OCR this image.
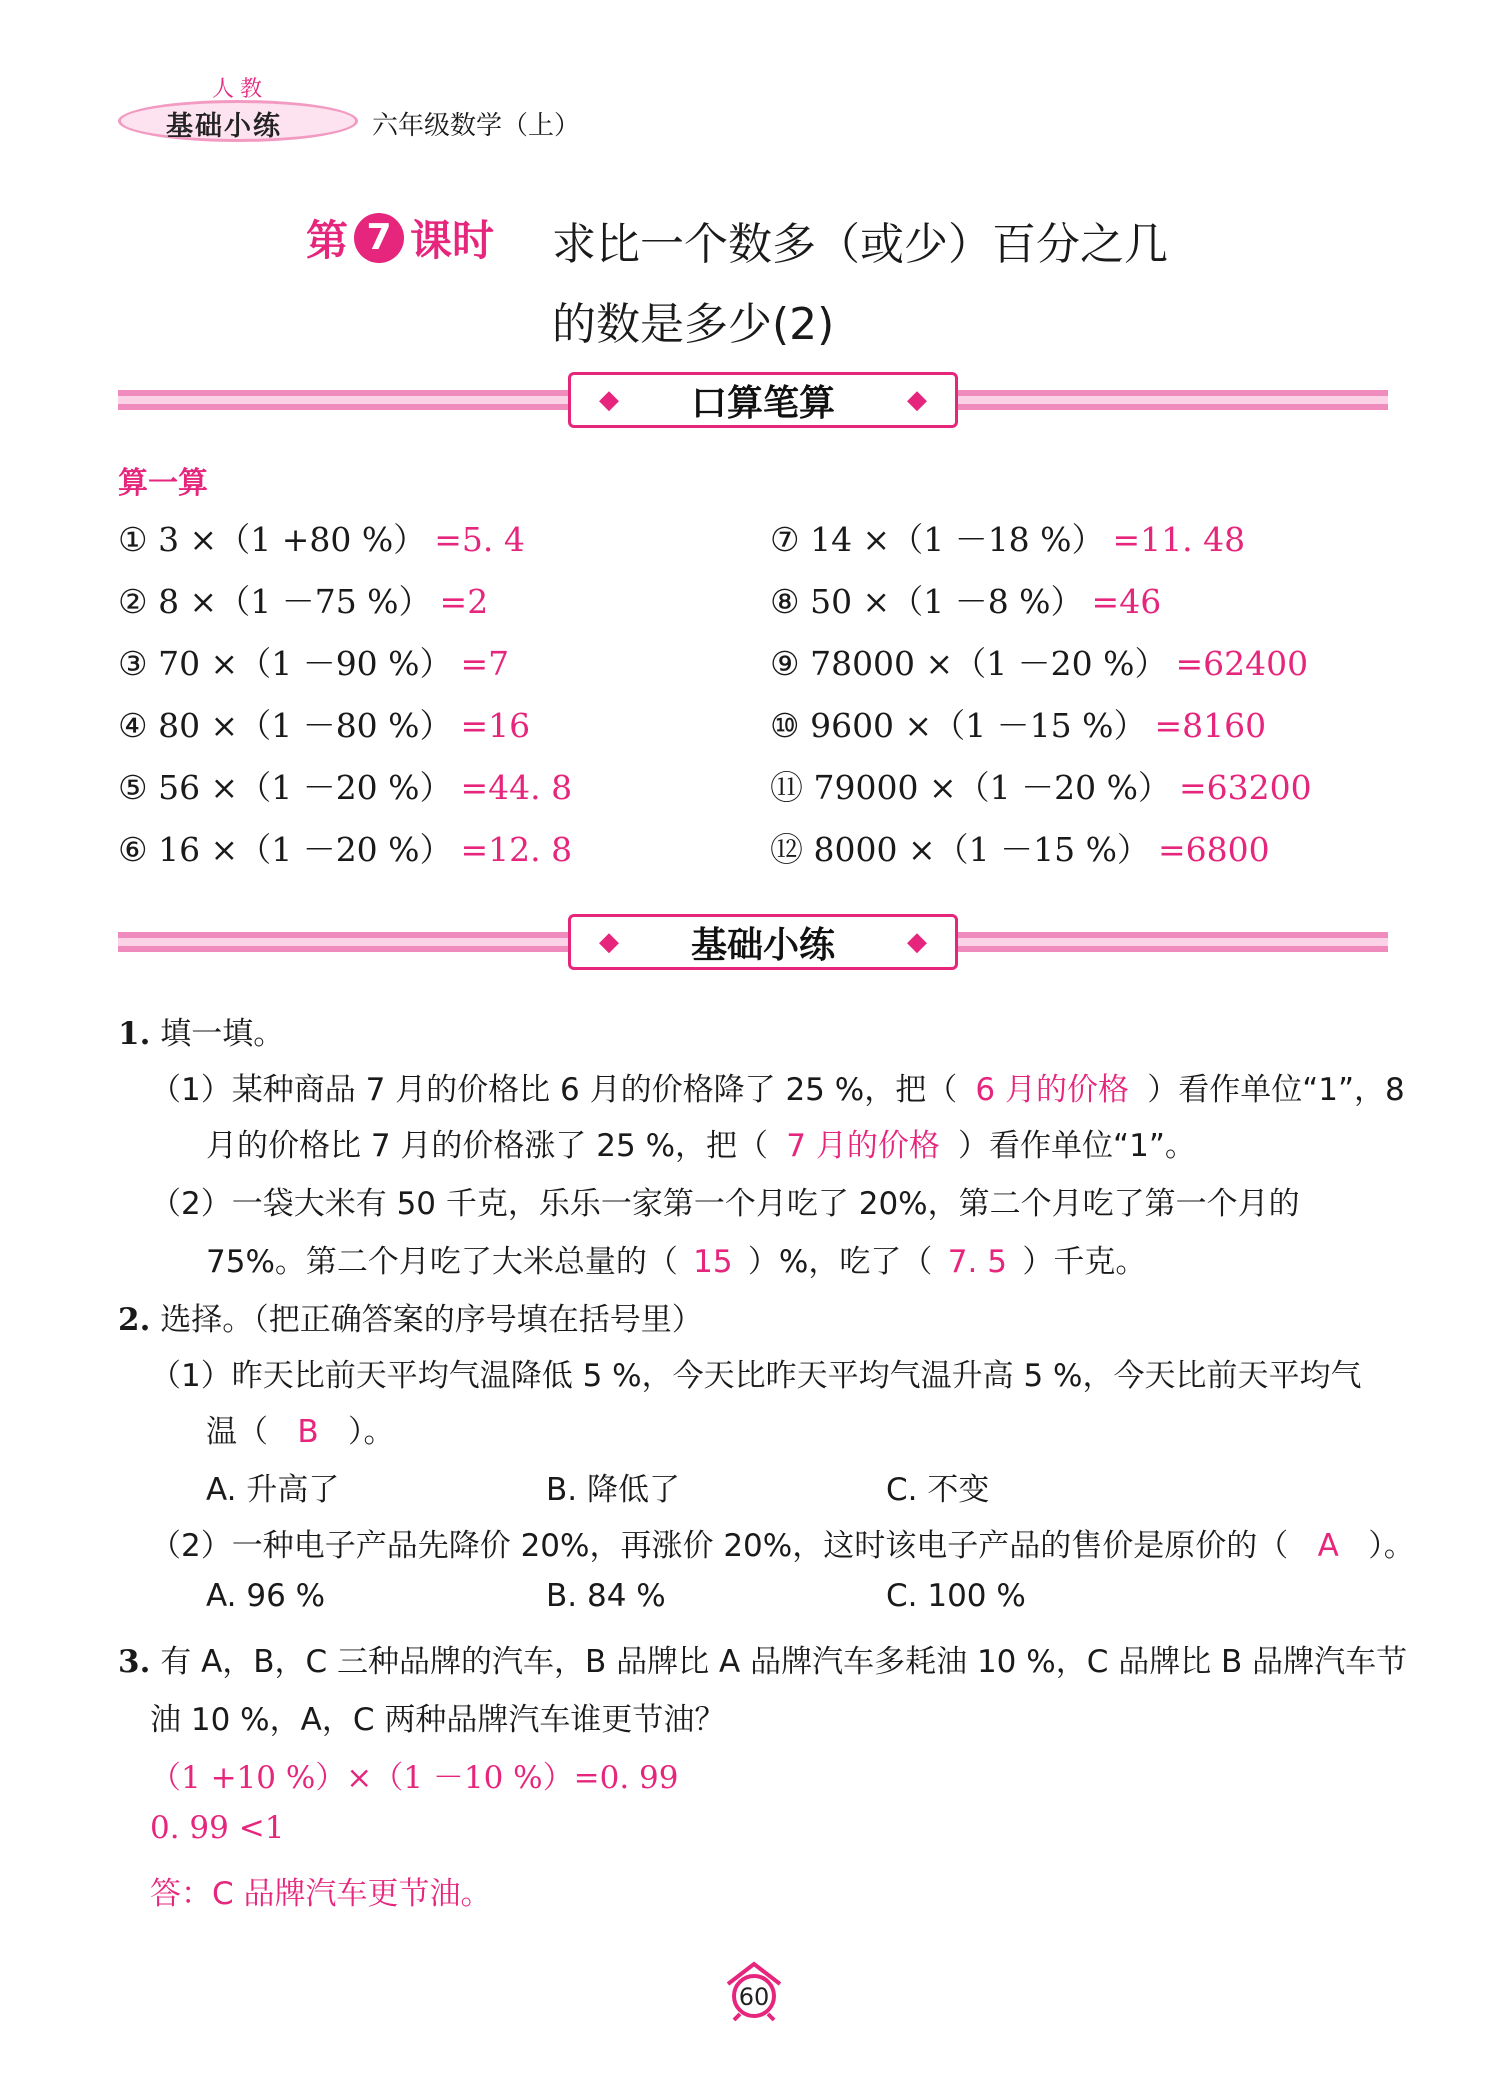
人教
基础小练	六年级数学（上）
第 7 课时 求比一个数多（或少）百分之几
的数是多少(2)
◆ 口算笔算	◆
算一算
① 3 ×（1 +80 %） =5. 4
② 8 ×（1 －75 %） =2
③ 70 ×（1 －90 %） =7
④ 80 ×（1 －80 %） =16
⑤ 56 ×（1 －20 %） =44. 8
⑥ 16 ×（1 －20 %） =12. 8
⑦ 14 ×（1 －18 %） =11. 48
⑧ 50 ×（1 －8 %） =46
⑨ 78000 ×（1 －20 %） =62400
⑩ 9600 ×（1 －15 %） =8160
⑪ 79000 ×（1 －20 %） =63200
⑫ 8000 ×（1 －15 %） =6800
◆ 基础小练	◆
1. 填一填。
（1）某种商品 7 月的价格比 6 月的价格降了 25 %，把（ 6 月的价格 ）看作单位“1”，8
月的价格比 7 月的价格涨了 25 %，把（ 7 月的价格 ）看作单位“1”。
（2）一袋大米有 50 千克，乐乐一家第一个月吃了 20%，第二个月吃了第一个月的
75%。第二个月吃了大米总量的（ 15 ）%，吃了（ 7. 5 ）千克。
2. 选择。（把正确答案的序号填在括号里）
（1）昨天比前天平均气温降低 5 %，今天比昨天平均气温升高 5 %，今天比前天平均气
温（ B ）。
A. 升高了	B. 降低了	C. 不变
（2）一种电子产品先降价 20%，再涨价 20%，这时该电子产品的售价是原价的（ A ）。
A. 96 %	B. 84 %	C. 100 %
3. 有 A，B，C 三种品牌的汽车，B 品牌比 A 品牌汽车多耗油 10 %，C 品牌比 B 品牌汽车节
油 10 %，A，C 两种品牌汽车谁更节油？
（1 +10 %）×（1 －10 %）=0. 99
0. 99 <1
答：C 品牌汽车更节油。
60
